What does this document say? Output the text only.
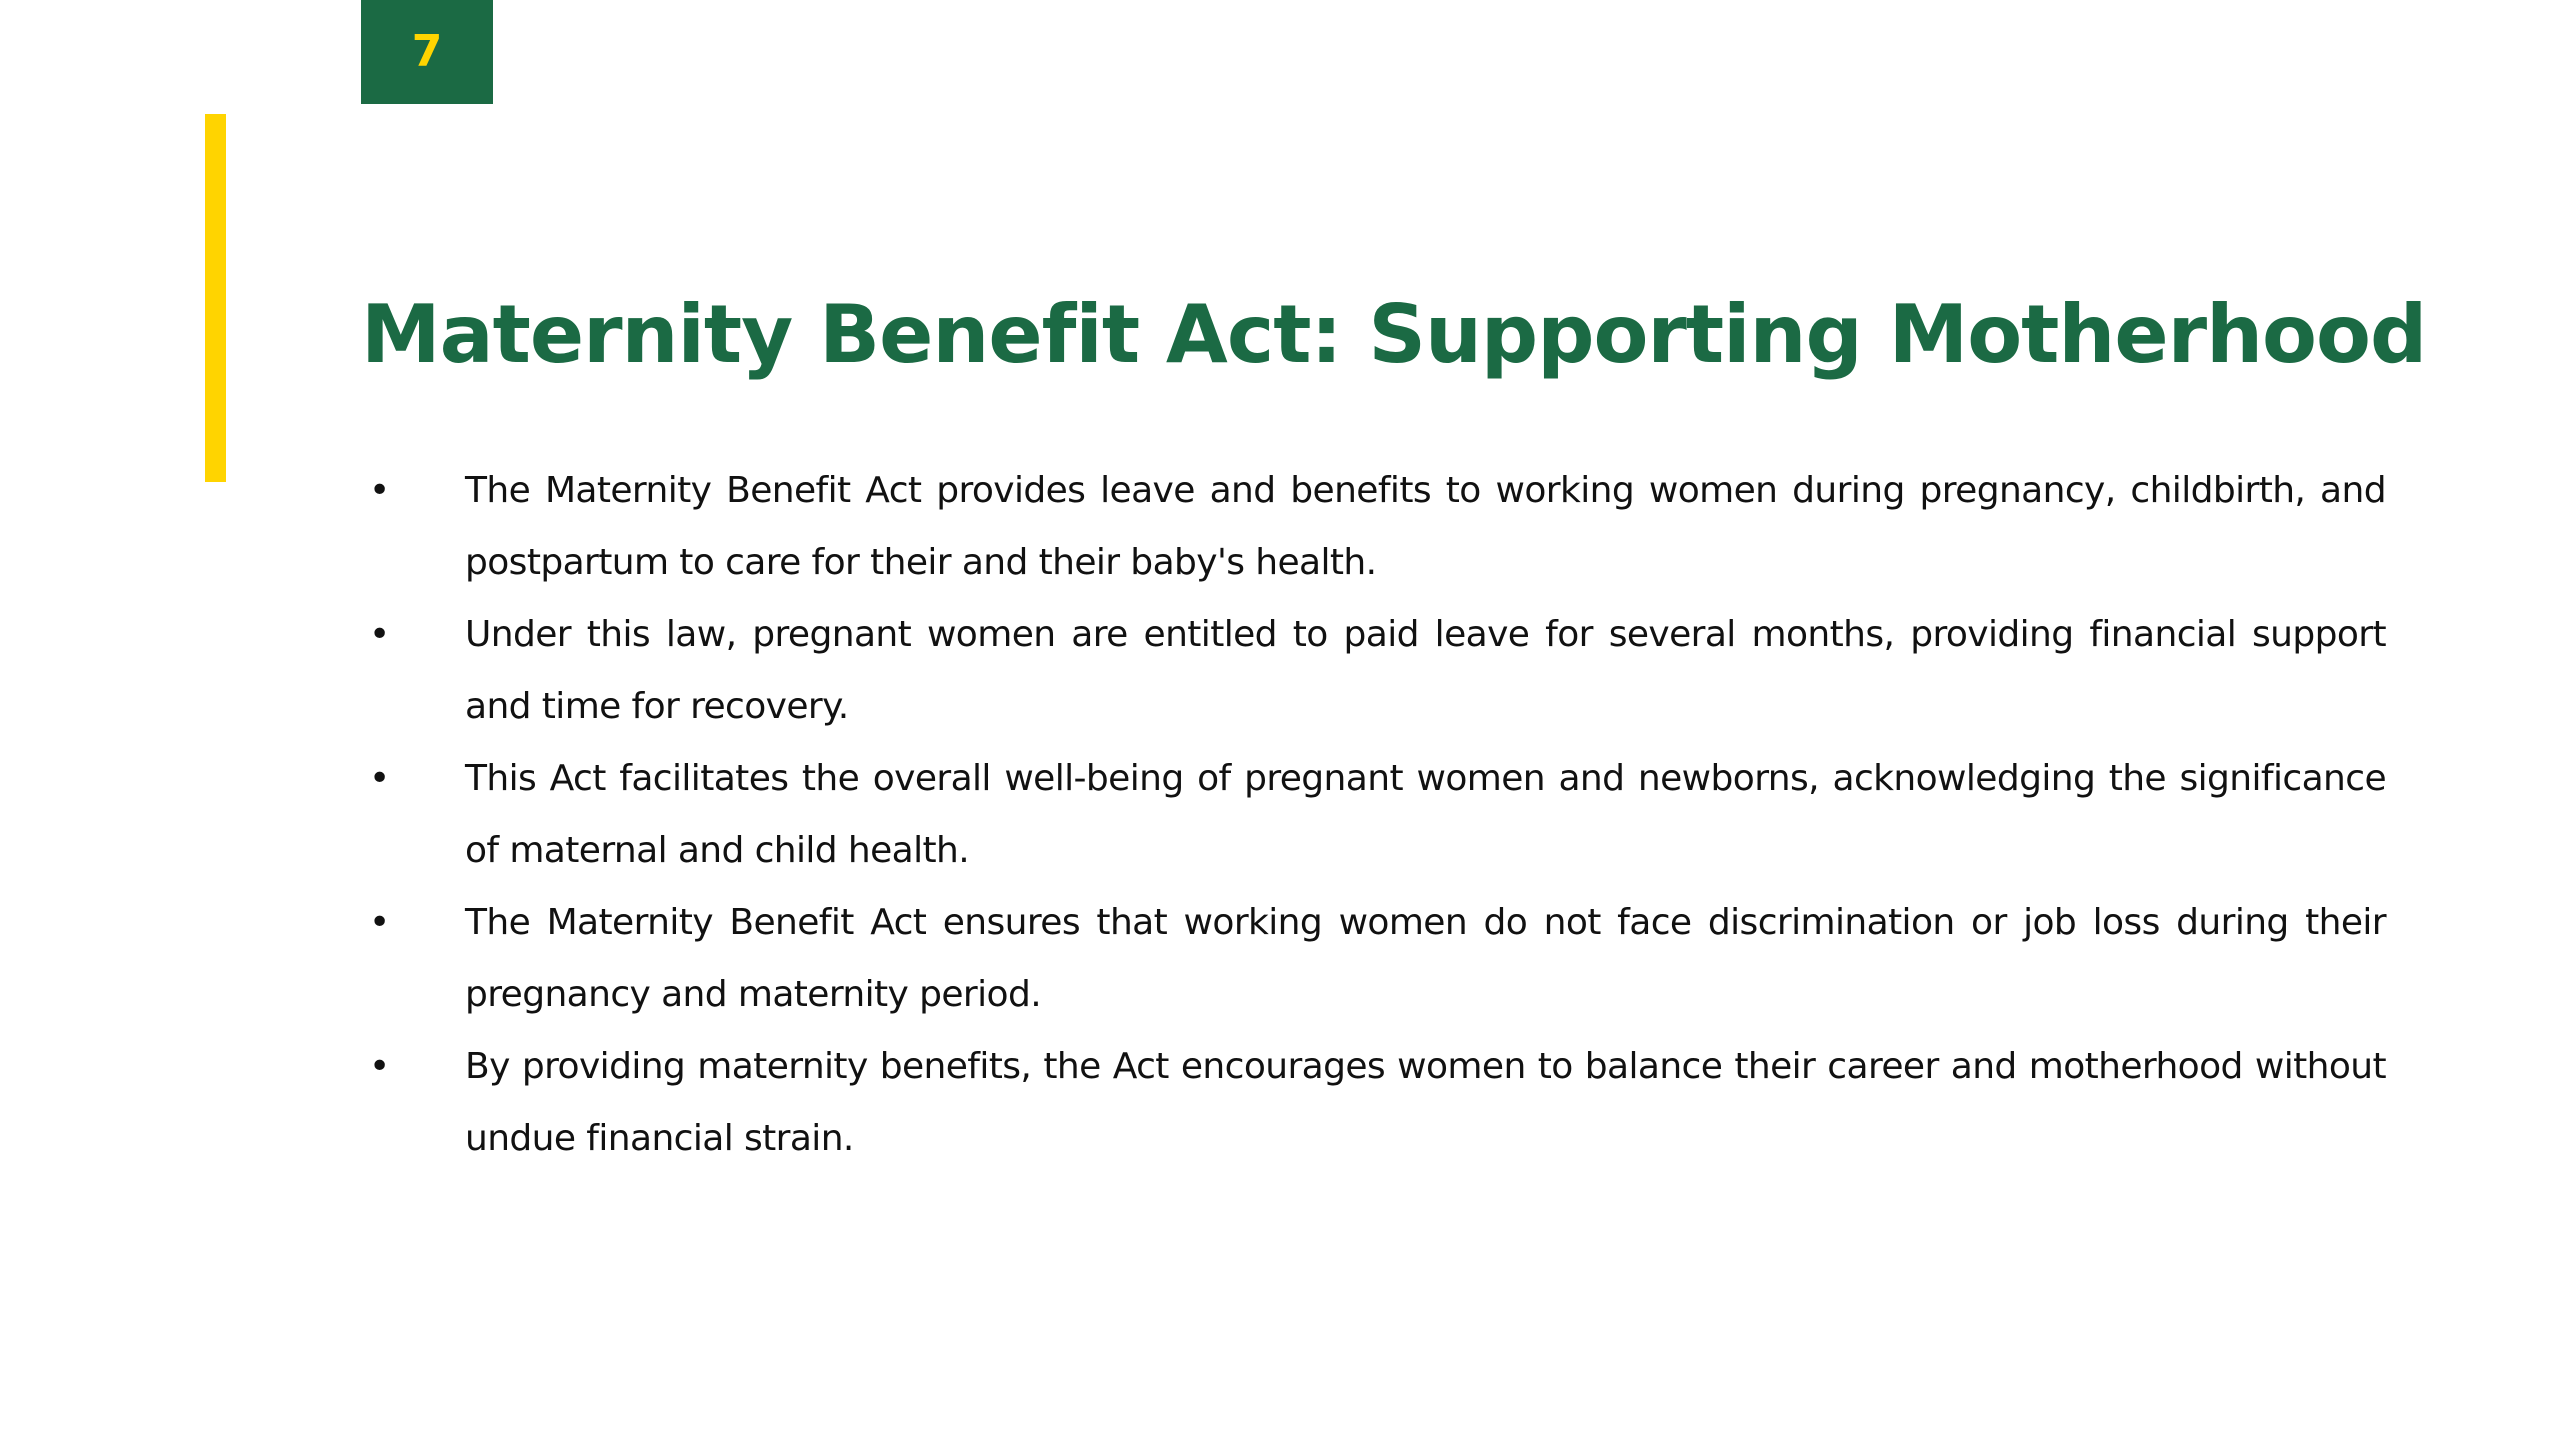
7
Maternity Benefit Act: Supporting Motherhood
• The Maternity Benefit Act provides leave and benefits to working women during pregnancy, childbirth, and postpartum to care for their and their baby's health.
• Under this law, pregnant women are entitled to paid leave for several months, providing financial support and time for recovery.
• This Act facilitates the overall well-being of pregnant women and newborns, acknowledging the significance of maternal and child health.
• The Maternity Benefit Act ensures that working women do not face discrimination or job loss during their pregnancy and maternity period.
• By providing maternity benefits, the Act encourages women to balance their career and motherhood without undue financial strain.
